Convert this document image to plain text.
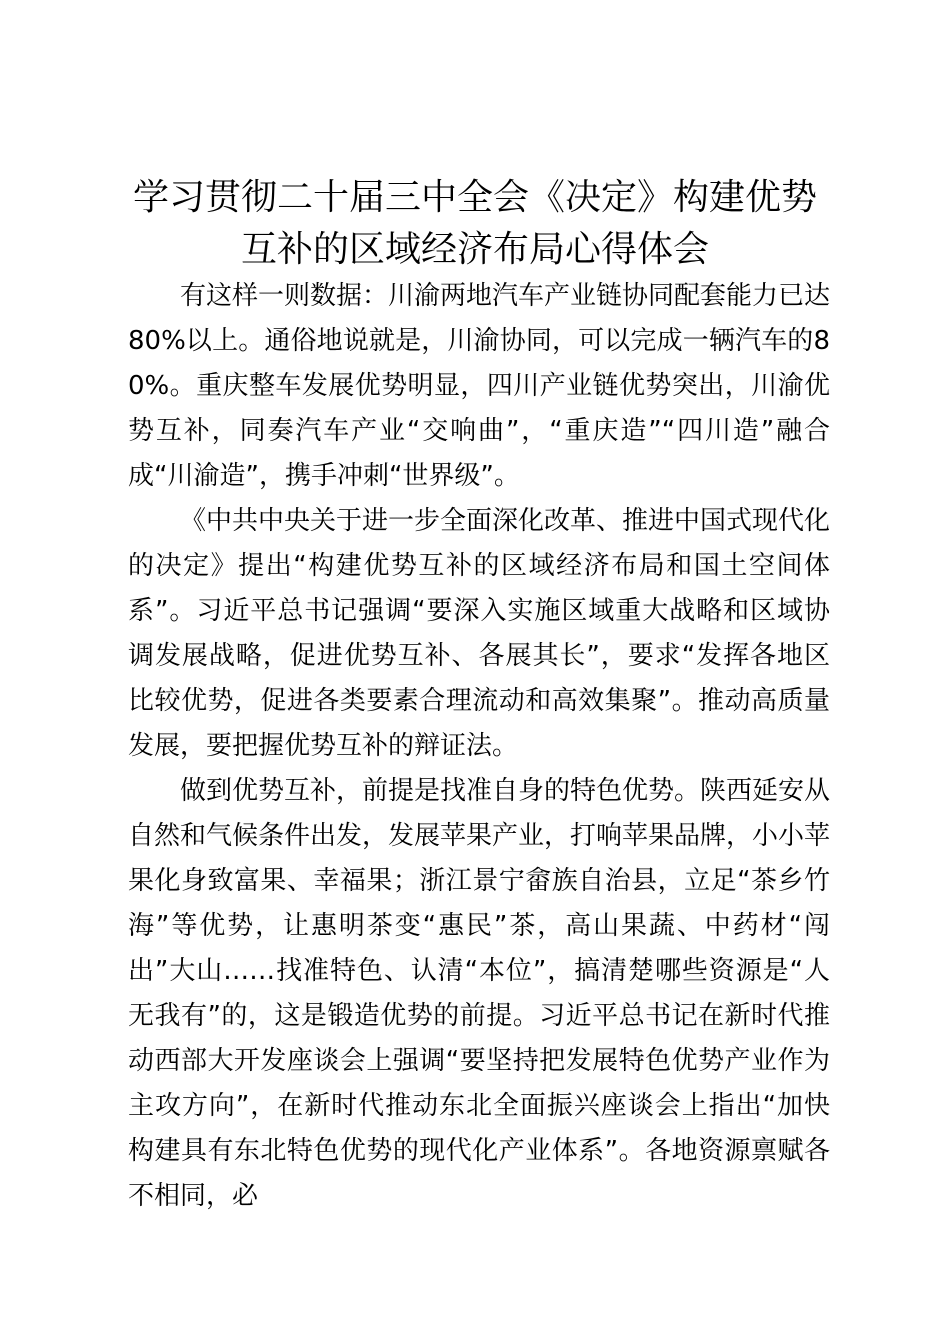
学习贯彻二十届三中全会《决定》构建优势互补的区域经济布局心得体会

有这样一则数据：川渝两地汽车产业链协同配套能力已达80%以上。通俗地说就是，川渝协同，可以完成一辆汽车的80%。重庆整车发展优势明显，四川产业链优势突出，川渝优势互补，同奏汽车产业“交响曲”，“重庆造”“四川造”融合成“川渝造”，携手冲刺“世界级”。

《中共中央关于进一步全面深化改革、推进中国式现代化的决定》提出“构建优势互补的区域经济布局和国土空间体系”。习近平总书记强调“要深入实施区域重大战略和区域协调发展战略，促进优势互补、各展其长”，要求“发挥各地区比较优势，促进各类要素合理流动和高效集聚”。推动高质量发展，要把握优势互补的辩证法。

做到优势互补，前提是找准自身的特色优势。陕西延安从自然和气候条件出发，发展苹果产业，打响苹果品牌，小小苹果化身致富果、幸福果；浙江景宁畲族自治县，立足“茶乡竹海”等优势，让惠明茶变“惠民”茶，高山果蔬、中药材“闯出”大山……找准特色、认清“本位”，搞清楚哪些资源是“人无我有”的，这是锻造优势的前提。习近平总书记在新时代推动西部大开发座谈会上强调“要坚持把发展特色优势产业作为主攻方向”，在新时代推动东北全面振兴座谈会上指出“加快构建具有东北特色优势的现代化产业体系”。各地资源禀赋各不相同，必
